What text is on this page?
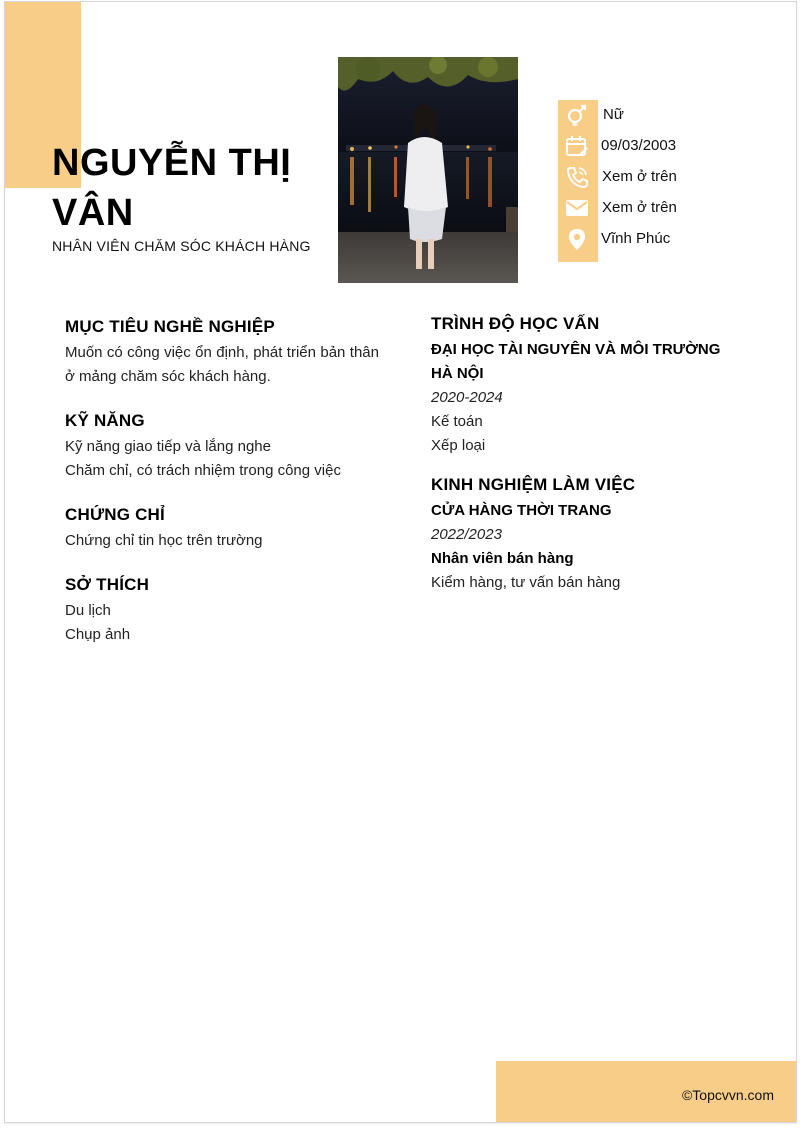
NGUYỄN THỊ VÂN
NHÂN VIÊN CHĂM SÓC KHÁCH HÀNG
Nữ
09/03/2003
Xem ở trên
Xem ở trên
Vĩnh Phúc
MỤC TIÊU NGHỀ NGHIỆP

Muốn có công việc ổn định, phát triển bản thân ở mảng chăm sóc khách hàng.

KỸ NĂNG
Kỹ năng giao tiếp và lắng nghe
Chăm chỉ, có trách nhiệm trong công việc
CHỨNG CHỈ
Chứng chỉ tin học trên trường
SỞ THÍCH
Du lịch
Chụp ảnh
TRÌNH ĐỘ HỌC VẤN
ĐẠI HỌC TÀI NGUYÊN VÀ MÔI TRƯỜNG HÀ NỘI
2020-2024
Kế toán
Xếp loại
KINH NGHIỆM LÀM VIỆC
CỬA HÀNG THỜI TRANG
2022/2023
Nhân viên bán hàng
Kiểm hàng, tư vấn bán hàng
©Topcvvn.com
